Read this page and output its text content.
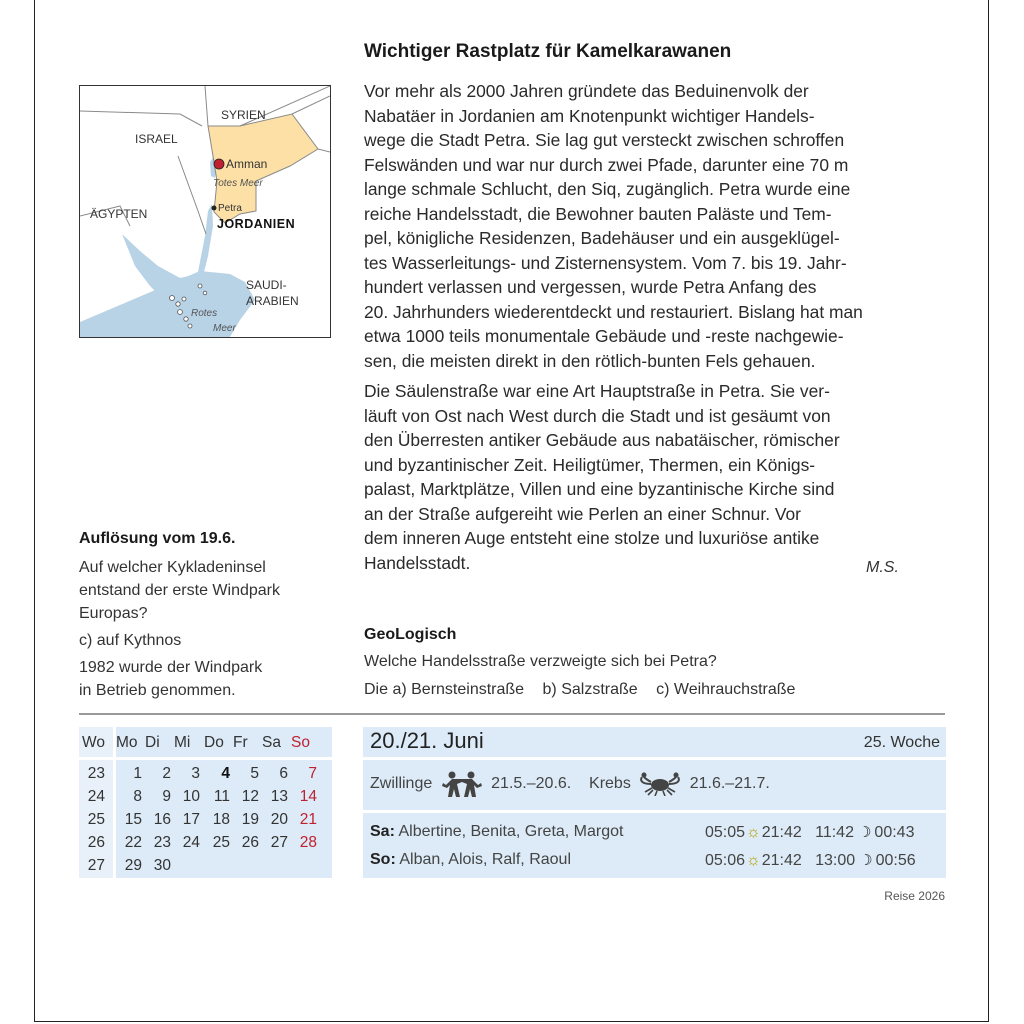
SYRIEN
ISRAEL
Amman
Totes Meer
Petra
JORDANIEN
ÄGYPTEN
SAUDI-
ARABIEN
Rotes
Meer
Wichtiger Rastplatz für Kamelkarawanen

Vor mehr als 2000 Jahren gründete das Beduinenvolk der
Nabatäer in Jordanien am Knotenpunkt wichtiger Handels-
wege die Stadt Petra. Sie lag gut versteckt zwischen schroffen
Felswänden und war nur durch zwei Pfade, darunter eine 70 m
lange schmale Schlucht, den Siq, zugänglich. Petra wurde eine
reiche Handelsstadt, die Bewohner bauten Paläste und Tem-
pel, königliche Residenzen, Badehäuser und ein ausgeklügel-
tes Wasserleitungs- und Zisternensystem. Vom 7. bis 19. Jahr-
hundert verlassen und vergessen, wurde Petra Anfang des
20. Jahrhunders wiederentdeckt und restauriert. Bislang hat man
etwa 1000 teils monumentale Gebäude und -reste nachgewie-
sen, die meisten direkt in den rötlich-bunten Fels gehauen.

Die Säulenstraße war eine Art Hauptstraße in Petra. Sie ver-
läuft von Ost nach West durch die Stadt und ist gesäumt von
den Überresten antiker Gebäude aus nabatäischer, römischer
und byzantinischer Zeit. Heiligtümer, Thermen, ein Königs-
palast, Marktplätze, Villen und eine byzantinische Kirche sind
an der Straße aufgereiht wie Perlen an einer Schnur. Vor
dem inneren Auge entsteht eine stolze und luxuriöse antike
Handelsstadt.	M.S.
Auflösung vom 19.6.

Auf welcher Kykladeninsel
entstand der erste Windpark
Europas?

c) auf Kythnos

1982 wurde der Windpark
in Betrieb genommen.

GeoLogisch
Welche Handelsstraße verzweigte sich bei Petra?
Die a) Bernsteinstraße b) Salzstraße c) Weihrauchstraße
Wo Mo Di Mi Do Fr Sa So
23	1	2	3	4	5	6	7
24	8	9 10 11 12 13 14
25	15 16 17 18 19 20 21
26	22 23 24 25 26 27 28
27	29 30
20./21. Juni	25. Woche
Zwillinge	21.5.–20.6. Krebs	21.6.–21.7.
Sa: Albertine, Benita, Greta, Margot	05:05☼21:42 11:42 ☽ 00:43
So: Alban, Alois, Ralf, Raoul	05:06☼21:42 13:00 ☽ 00:56
Reise 2026
